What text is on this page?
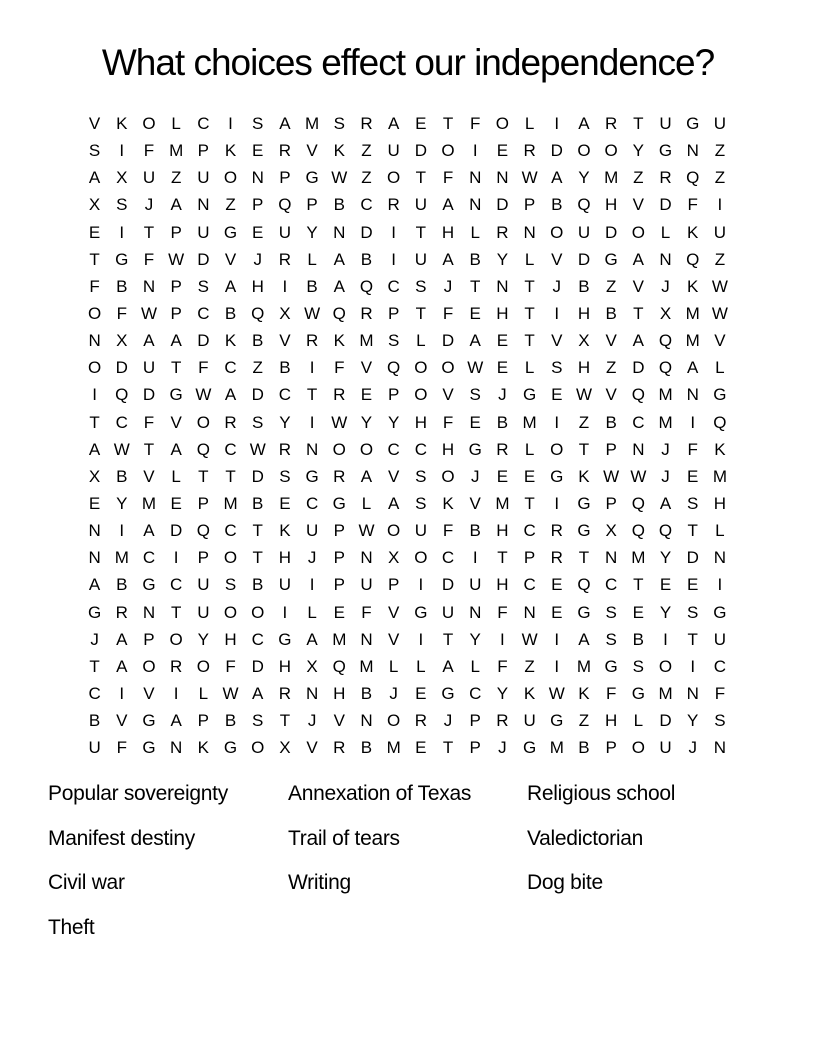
What choices effect our independence?
V K O L C	I	S A M S R A E T F O L	I	A R T U G U
S	I	F M P K E R V K Z U D O	I	E R D O O Y G N Z
A X U Z U O N P G W Z O T F N N W A Y M Z R Q Z
X S	J	A N Z P Q P B C R U A N D P B Q H V D F	I
E	I	T P U G E U Y N D	I	T H L R N O U D O L K U
T G F W D V	J R L A B	I	U A B Y L V D G A N Q Z
F B N P S A H	I	B A Q C S	J	T N T	J	B Z V	J	K W
O F W P C B Q X W Q R P T F E H T	I	H B T X M W
N X A A D K B V R K M S L D A E T V X V A Q M V
O D U T F C Z B	I	F V Q O O W E L S H Z D Q A L
I	Q D G W A D C T R E P O V S	J G E W V Q M N G
T C F V O R S Y	I W Y Y H F E B M	I	Z B C M	I	Q
A W T A Q C W R N O O C C H G R L O T P N J	F K
X B V L	T T D S G R A V S O J	E E G K W W J	E M
E Y M E P M B E C G L A S K V M T	I	G P Q A S H
N	I	A D Q C T K U P W O U F B H C R G X Q Q T	L
N M C	I	P O T H J	P N X O C	I	T P R T N M Y D N
A B G C U S B U	I	P U P	I	D U H C E Q C T E E	I
G R N T U O O	I	L E F V G U N F N E G S E Y S G
J	A P O Y H C G A M N V	I	T Y	I W I	A S B	I	T U
T A O R O F D H X Q M L	L A L	F Z	I	M G S O	I	C
C	I	V	I	L W A R N H B	J	E G C Y K W K F G M N F
B V G A P B S T	J	V N O R J	P R U G Z H L D Y S
U F G N K G O X V R B M E T P	J G M B P O U J N
Popular sovereignty
Manifest destiny
Civil war
Theft
Annexation of Texas
Trail of tears
Writing
Religious school
Valedictorian
Dog bite
